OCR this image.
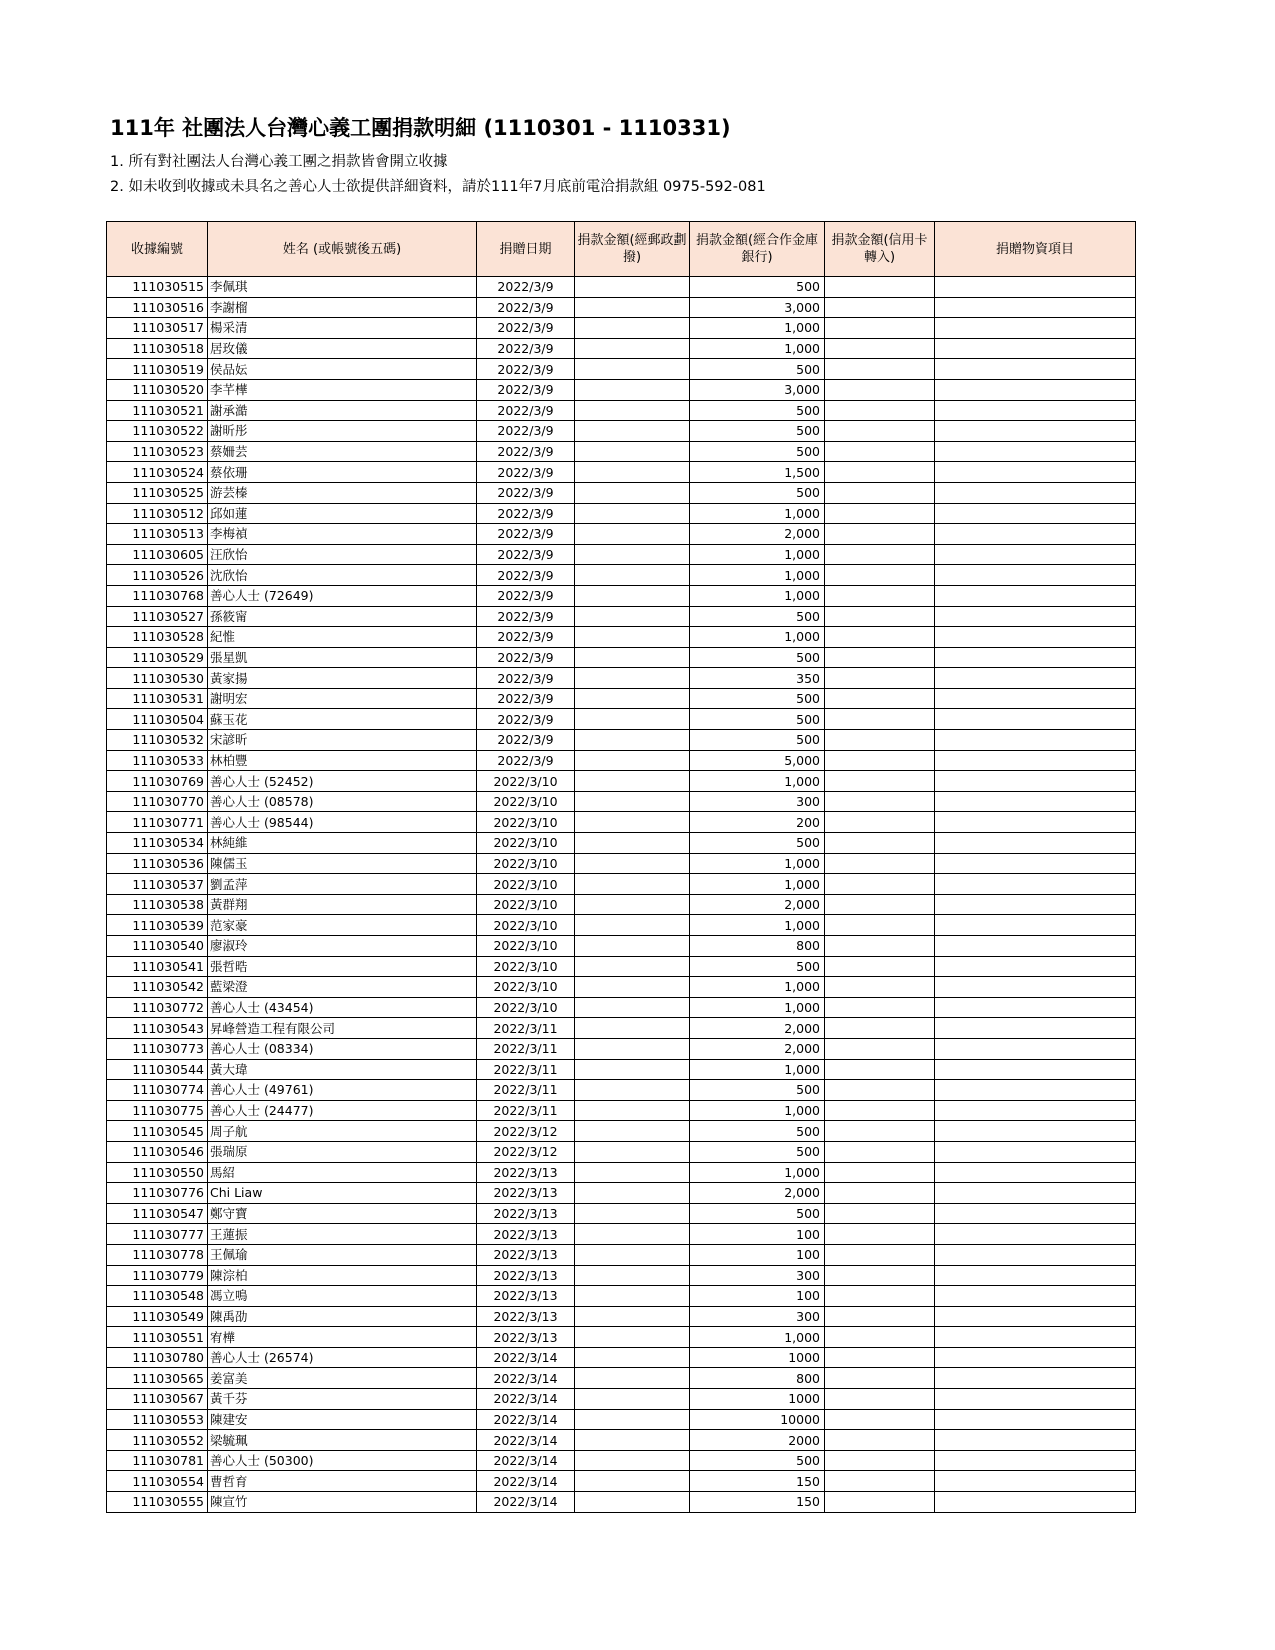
111年 社團法人台灣心義工團捐款明細 (1110301 - 1110331)
1. 所有對社團法人台灣心義工團之捐款皆會開立收據
2. 如未收到收據或未具名之善心人士欲提供詳細資料，請於111年7月底前電洽捐款組 0975-592-081
收據編號	姓名 (或帳號後五碼)	捐贈日期	捐款金額(經郵政劃撥)	捐款金額(經合作金庫銀行)	捐款金額(信用卡轉入)	捐贈物資項目
111030515	李佩琪	2022/3/9		500		
111030516	李謝榴	2022/3/9		3,000		
111030517	楊采清	2022/3/9		1,000		
111030518	居玫儀	2022/3/9		1,000		
111030519	侯品妘	2022/3/9		500		
111030520	李芊樺	2022/3/9		3,000		
111030521	謝承澔	2022/3/9		500		
111030522	謝昕彤	2022/3/9		500		
111030523	蔡姍芸	2022/3/9		500		
111030524	蔡依珊	2022/3/9		1,500		
111030525	游芸榛	2022/3/9		500		
111030512	邱如蓮	2022/3/9		1,000		
111030513	李梅禎	2022/3/9		2,000		
111030605	汪欣怡	2022/3/9		1,000		
111030526	沈欣怡	2022/3/9		1,000		
111030768	善心人士 (72649)	2022/3/9		1,000		
111030527	孫筱甯	2022/3/9		500		
111030528	紀惟	2022/3/9		1,000		
111030529	張星凱	2022/3/9		500		
111030530	黃家揚	2022/3/9		350		
111030531	謝明宏	2022/3/9		500		
111030504	蘇玉花	2022/3/9		500		
111030532	宋諺昕	2022/3/9		500		
111030533	林柏豐	2022/3/9		5,000		
111030769	善心人士 (52452)	2022/3/10		1,000		
111030770	善心人士 (08578)	2022/3/10		300		
111030771	善心人士 (98544)	2022/3/10		200		
111030534	林純維	2022/3/10		500		
111030536	陳儒玉	2022/3/10		1,000		
111030537	劉孟萍	2022/3/10		1,000		
111030538	黃群翔	2022/3/10		2,000		
111030539	范家豪	2022/3/10		1,000		
111030540	廖淑玲	2022/3/10		800		
111030541	張哲晧	2022/3/10		500		
111030542	藍梁澄	2022/3/10		1,000		
111030772	善心人士 (43454)	2022/3/10		1,000		
111030543	昇峰營造工程有限公司	2022/3/11		2,000		
111030773	善心人士 (08334)	2022/3/11		2,000		
111030544	黃大瑋	2022/3/11		1,000		
111030774	善心人士 (49761)	2022/3/11		500		
111030775	善心人士 (24477)	2022/3/11		1,000		
111030545	周子航	2022/3/12		500		
111030546	張瑞原	2022/3/12		500		
111030550	馬紹	2022/3/13		1,000		
111030776	Chi Liaw	2022/3/13		2,000		
111030547	鄭守寶	2022/3/13		500		
111030777	王蓮振	2022/3/13		100		
111030778	王佩瑜	2022/3/13		100		
111030779	陳淙柏	2022/3/13		300		
111030548	馮立鳴	2022/3/13		100		
111030549	陳禹劭	2022/3/13		300		
111030551	宥樺	2022/3/13		1,000		
111030780	善心人士 (26574)	2022/3/14		1000		
111030565	姜富美	2022/3/14		800		
111030567	黃千芬	2022/3/14		1000		
111030553	陳建安	2022/3/14		10000		
111030552	梁毓珮	2022/3/14		2000		
111030781	善心人士 (50300)	2022/3/14		500		
111030554	曹哲育	2022/3/14		150		
111030555	陳宣竹	2022/3/14		150		
